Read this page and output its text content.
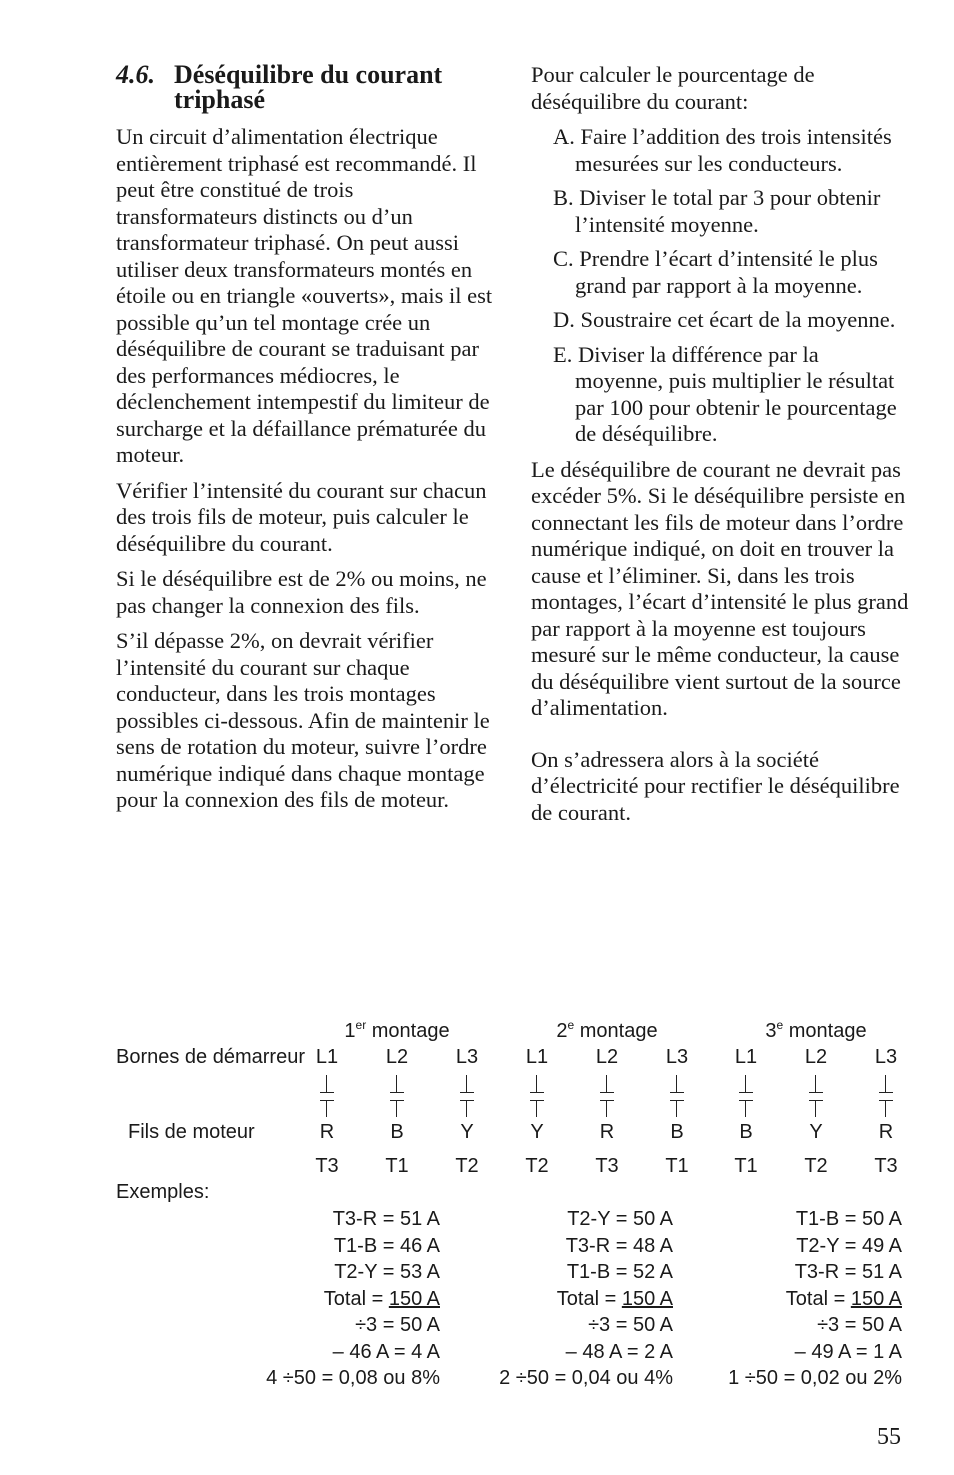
4.6. Déséquilibre du courant
triphasé

Un circuit d’alimentation électrique entièrement triphasé est recommandé. Il peut être constitué de trois transformateurs distincts ou d’un transformateur triphasé. On peut aussi utiliser deux transformateurs montés en étoile ou en triangle «ouverts», mais il est possible qu’un tel montage crée un déséquilibre de courant se traduisant par des performances médiocres, le déclenchement intempestif du limiteur de surcharge et la défaillance prématurée du moteur.

Vérifier l’intensité du courant sur chacun des trois fils de moteur, puis calculer le déséquilibre du courant.

Si le déséquilibre est de 2% ou moins, ne pas changer la connexion des fils.

S’il dépasse 2%, on devrait vérifier l’intensité du courant sur chaque conducteur, dans les trois montages possibles ci-dessous. Afin de maintenir le sens de rotation du moteur, suivre l’ordre numérique indiqué dans chaque montage pour la connexion des fils de moteur.

Pour calculer le pourcentage de déséquilibre du courant:

A. Faire l’addition des trois intensités mesurées sur les conducteurs.
B. Diviser le total par 3 pour obtenir l’intensité moyenne.
C. Prendre l’écart d’intensité le plus grand par rapport à la moyenne.
D. Soustraire cet écart de la moyenne.
E. Diviser la différence par la moyenne, puis multiplier le résultat par 100 pour obtenir le pourcentage de déséquilibre.

Le déséquilibre de courant ne devrait pas excéder 5%. Si le déséquilibre persiste en connectant les fils de moteur dans l’ordre numérique indiqué, on doit en trouver la cause et l’éliminer. Si, dans les trois montages, l’écart d’intensité le plus grand par rapport à la moyenne est toujours mesuré sur le même conducteur, la cause du déséquilibre vient surtout de la source d’alimentation.

On s’adressera alors à la société d’électricité pour rectifier le déséquilibre de courant.

55
Bornes de démarreur
Fils de moteur
Exemples:
1er montage
L1
R
T3
L2
B
T1
L3
Y
T2
T3-R = 51 A
T1-B = 46 A
T2-Y = 53 A
Total = 150 A
÷3 = 50 A
– 46 A = 4 A
4 ÷50 = 0,08 ou 8%
2e montage
L1
Y
T2
L2
R
T3
L3
B
T1
T2-Y = 50 A
T3-R = 48 A
T1-B = 52 A
Total = 150 A
÷3 = 50 A
– 48 A = 2 A
2 ÷50 = 0,04 ou 4%
3e montage
L1
B
T1
L2
Y
T2
L3
R
T3
T1-B = 50 A
T2-Y = 49 A
T3-R = 51 A
Total = 150 A
÷3 = 50 A
– 49 A = 1 A
1 ÷50 = 0,02 ou 2%
